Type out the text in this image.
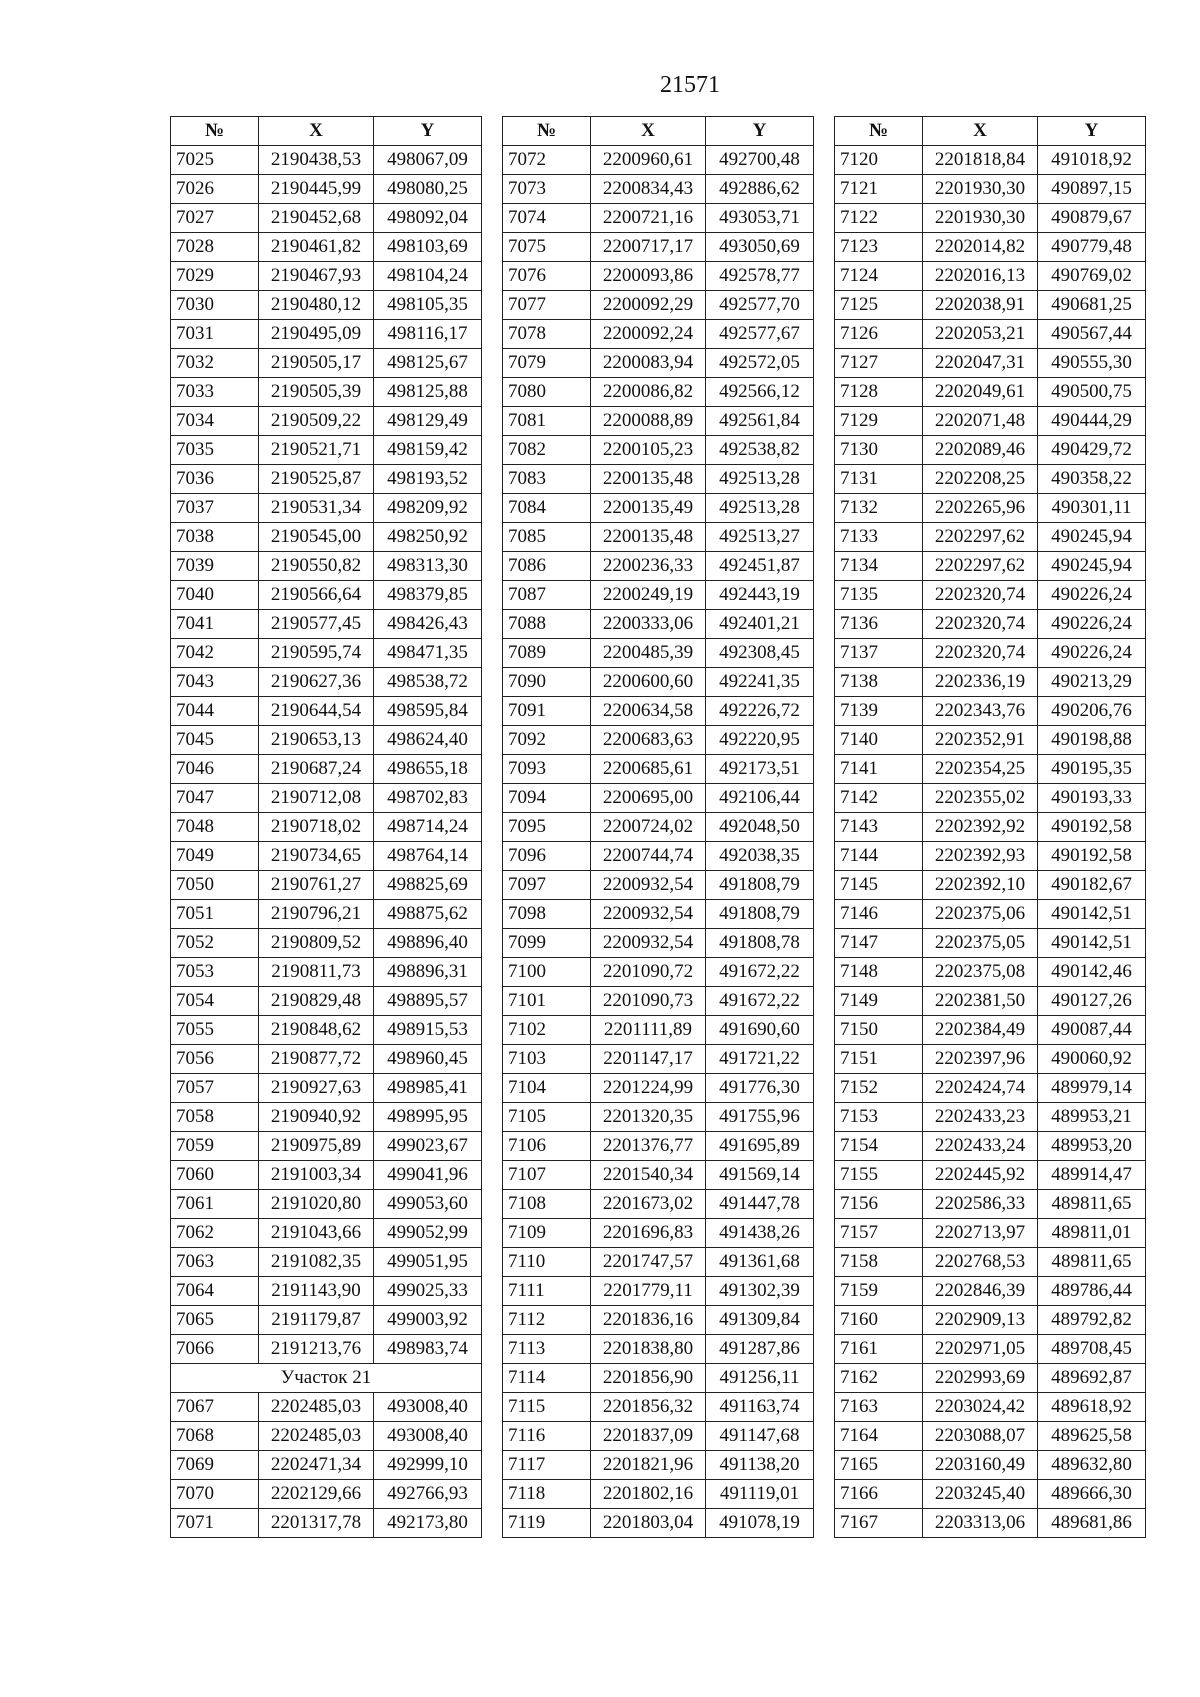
21571
№	X	Y
7025	2190438,53	498067,09
7026	2190445,99	498080,25
7027	2190452,68	498092,04
7028	2190461,82	498103,69
7029	2190467,93	498104,24
7030	2190480,12	498105,35
7031	2190495,09	498116,17
7032	2190505,17	498125,67
7033	2190505,39	498125,88
7034	2190509,22	498129,49
7035	2190521,71	498159,42
7036	2190525,87	498193,52
7037	2190531,34	498209,92
7038	2190545,00	498250,92
7039	2190550,82	498313,30
7040	2190566,64	498379,85
7041	2190577,45	498426,43
7042	2190595,74	498471,35
7043	2190627,36	498538,72
7044	2190644,54	498595,84
7045	2190653,13	498624,40
7046	2190687,24	498655,18
7047	2190712,08	498702,83
7048	2190718,02	498714,24
7049	2190734,65	498764,14
7050	2190761,27	498825,69
7051	2190796,21	498875,62
7052	2190809,52	498896,40
7053	2190811,73	498896,31
7054	2190829,48	498895,57
7055	2190848,62	498915,53
7056	2190877,72	498960,45
7057	2190927,63	498985,41
7058	2190940,92	498995,95
7059	2190975,89	499023,67
7060	2191003,34	499041,96
7061	2191020,80	499053,60
7062	2191043,66	499052,99
7063	2191082,35	499051,95
7064	2191143,90	499025,33
7065	2191179,87	499003,92
7066	2191213,76	498983,74
Участок 21		
7067	2202485,03	493008,40
7068	2202485,03	493008,40
7069	2202471,34	492999,10
7070	2202129,66	492766,93
7071	2201317,78	492173,80
№	X	Y
7072	2200960,61	492700,48
7073	2200834,43	492886,62
7074	2200721,16	493053,71
7075	2200717,17	493050,69
7076	2200093,86	492578,77
7077	2200092,29	492577,70
7078	2200092,24	492577,67
7079	2200083,94	492572,05
7080	2200086,82	492566,12
7081	2200088,89	492561,84
7082	2200105,23	492538,82
7083	2200135,48	492513,28
7084	2200135,49	492513,28
7085	2200135,48	492513,27
7086	2200236,33	492451,87
7087	2200249,19	492443,19
7088	2200333,06	492401,21
7089	2200485,39	492308,45
7090	2200600,60	492241,35
7091	2200634,58	492226,72
7092	2200683,63	492220,95
7093	2200685,61	492173,51
7094	2200695,00	492106,44
7095	2200724,02	492048,50
7096	2200744,74	492038,35
7097	2200932,54	491808,79
7098	2200932,54	491808,79
7099	2200932,54	491808,78
7100	2201090,72	491672,22
7101	2201090,73	491672,22
7102	2201111,89	491690,60
7103	2201147,17	491721,22
7104	2201224,99	491776,30
7105	2201320,35	491755,96
7106	2201376,77	491695,89
7107	2201540,34	491569,14
7108	2201673,02	491447,78
7109	2201696,83	491438,26
7110	2201747,57	491361,68
7111	2201779,11	491302,39
7112	2201836,16	491309,84
7113	2201838,80	491287,86
7114	2201856,90	491256,11
7115	2201856,32	491163,74
7116	2201837,09	491147,68
7117	2201821,96	491138,20
7118	2201802,16	491119,01
7119	2201803,04	491078,19
№	X	Y
7120	2201818,84	491018,92
7121	2201930,30	490897,15
7122	2201930,30	490879,67
7123	2202014,82	490779,48
7124	2202016,13	490769,02
7125	2202038,91	490681,25
7126	2202053,21	490567,44
7127	2202047,31	490555,30
7128	2202049,61	490500,75
7129	2202071,48	490444,29
7130	2202089,46	490429,72
7131	2202208,25	490358,22
7132	2202265,96	490301,11
7133	2202297,62	490245,94
7134	2202297,62	490245,94
7135	2202320,74	490226,24
7136	2202320,74	490226,24
7137	2202320,74	490226,24
7138	2202336,19	490213,29
7139	2202343,76	490206,76
7140	2202352,91	490198,88
7141	2202354,25	490195,35
7142	2202355,02	490193,33
7143	2202392,92	490192,58
7144	2202392,93	490192,58
7145	2202392,10	490182,67
7146	2202375,06	490142,51
7147	2202375,05	490142,51
7148	2202375,08	490142,46
7149	2202381,50	490127,26
7150	2202384,49	490087,44
7151	2202397,96	490060,92
7152	2202424,74	489979,14
7153	2202433,23	489953,21
7154	2202433,24	489953,20
7155	2202445,92	489914,47
7156	2202586,33	489811,65
7157	2202713,97	489811,01
7158	2202768,53	489811,65
7159	2202846,39	489786,44
7160	2202909,13	489792,82
7161	2202971,05	489708,45
7162	2202993,69	489692,87
7163	2203024,42	489618,92
7164	2203088,07	489625,58
7165	2203160,49	489632,80
7166	2203245,40	489666,30
7167	2203313,06	489681,86
